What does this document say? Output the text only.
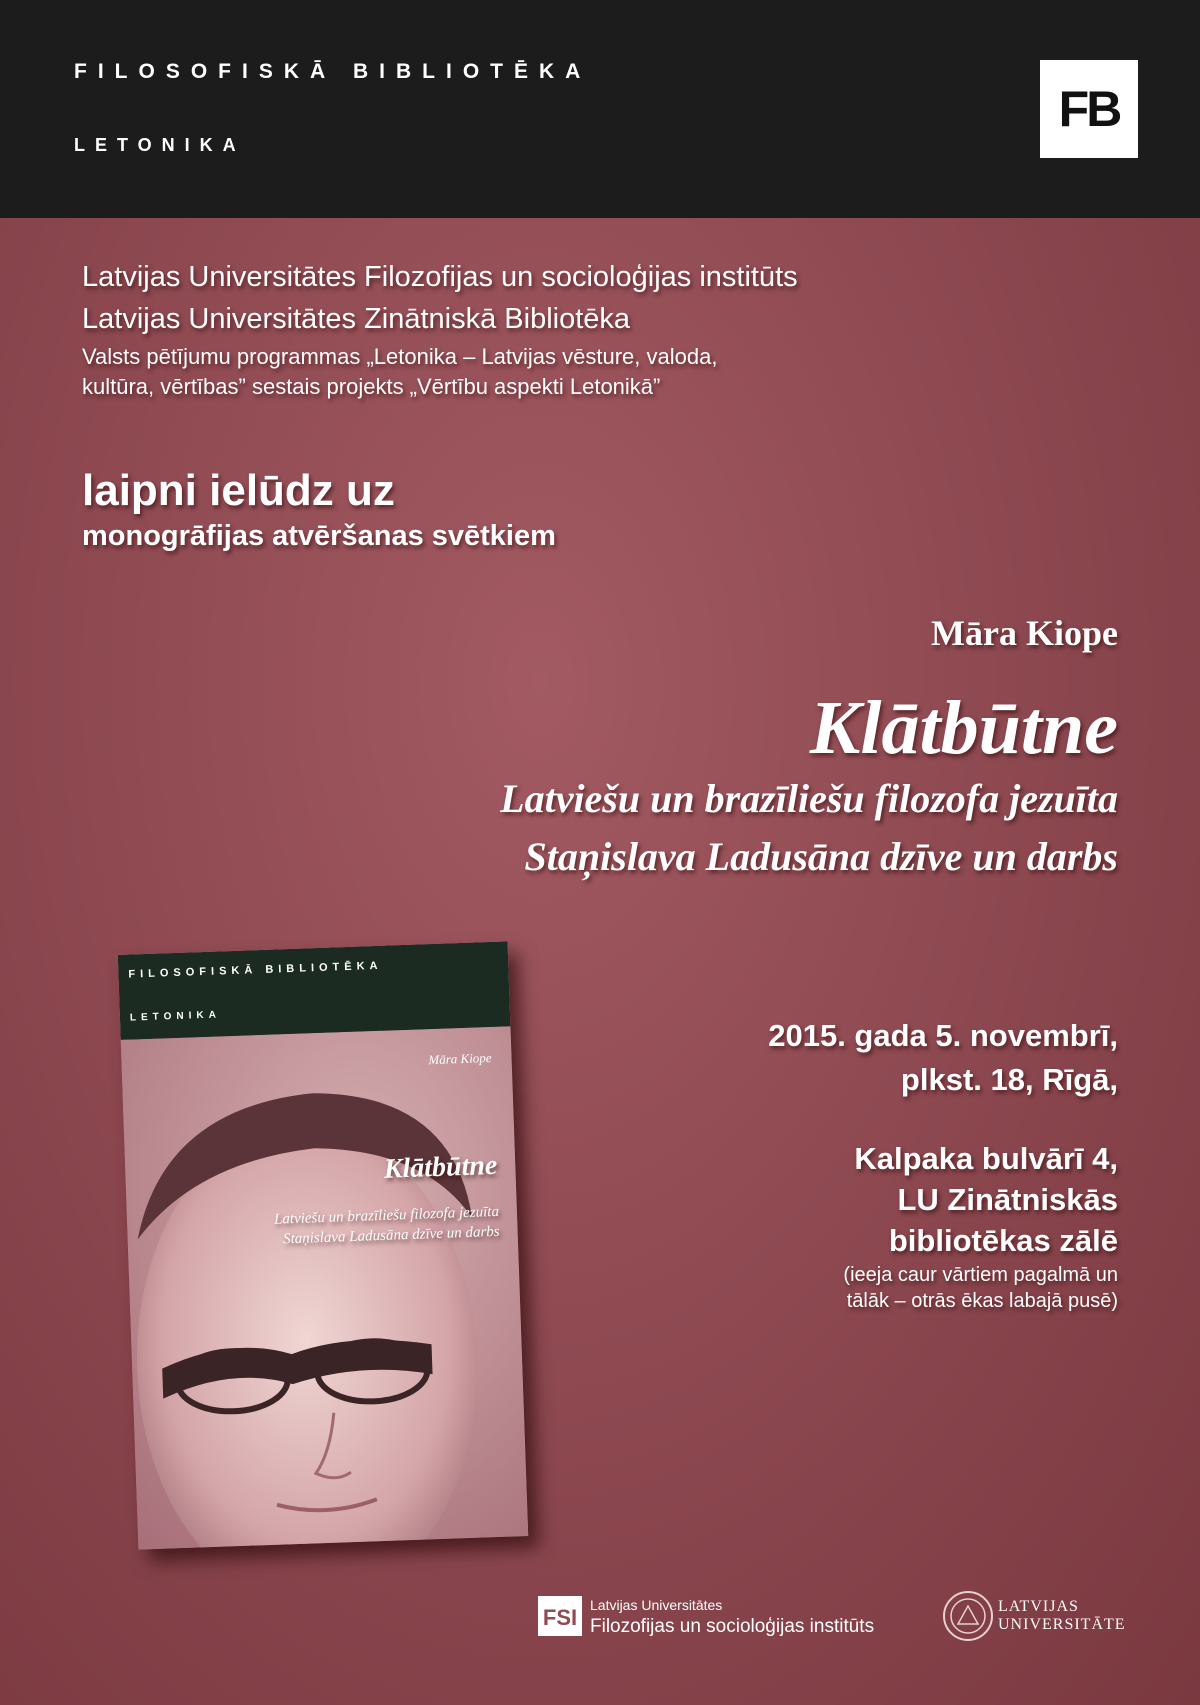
FILOSOFISKĀ BIBLIOTĒKA
LETONIKA
FB
Latvijas Universitātes Filozofijas un socioloģijas institūts
Latvijas Universitātes Zinātniskā Bibliotēka
Valsts pētījumu programmas „Letonika – Latvijas vēsture, valoda,
kultūra, vērtības” sestais projekts „Vērtību aspekti Letonikā”
laipni ielūdz uz
monogrāfijas atvēršanas svētkiem
Māra Kiope
Klātbūtne
Latviešu un brazīliešu filozofa jezuīta
Staņislava Ladusāna dzīve un darbs
FILOSOFISKĀ BIBLIOTĒKA
LETONIKA
Māra Kiope
Klātbūtne
Latviešu un brazīliešu filozofa jezuīta
Staņislava Ladusāna dzīve un darbs
2015. gada 5. novembrī,
plkst. 18, Rīgā,
Kalpaka bulvārī 4,
LU Zinātniskās
bibliotēkas zālē
(ieeja caur vārtiem pagalmā un
tālāk – otrās ēkas labajā pusē)
FSI Latvijas Universitātes
Filozofijas un socioloģijas institūts
LATVIJAS
UNIVERSITĀTE
